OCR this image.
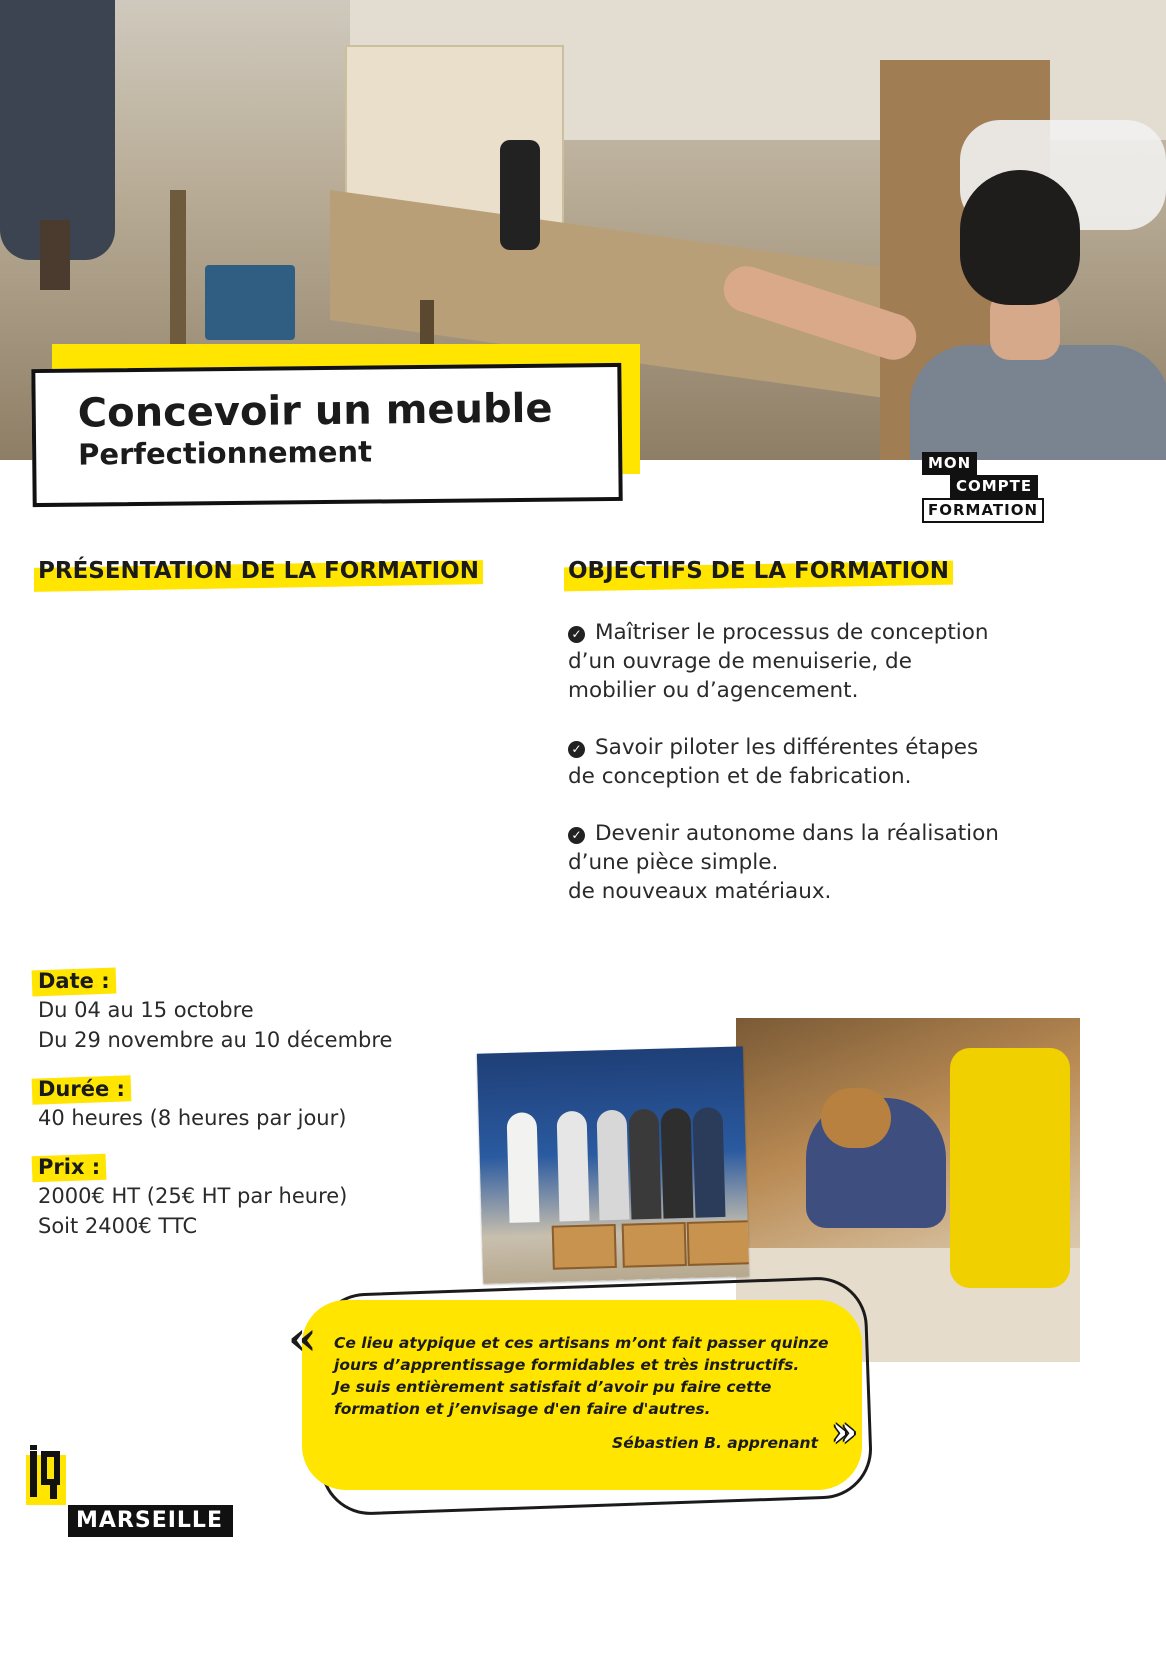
Concevoir un meuble
Perfectionnement	MON
COMPTE
FORMATION
PRÉSENTATION DE LA FORMATION	OBJECTIFS DE LA FORMATION
✓ Maîtriser le processus de conception
d’un ouvrage de menuiserie, de
mobilier ou d’agencement.
✓ Savoir piloter les différentes étapes
de conception et de fabrication.
✓ Devenir autonome dans la réalisation
d’une pièce simple.
de nouveaux matériaux.
Date :
Du 04 au 15 octobre
Du 29 novembre au 10 décembre
Durée :
40 heures (8 heures par jour)
Prix :
2000€ HT (25€ HT par heure)
Soit 2400€ TTC
Ce lieu atypique et ces artisans m’ont fait passer quinze
jours d’apprentissage formidables et très instructifs.
Je suis entièrement satisfait d’avoir pu faire cette
formation et j’envisage d'en faire d'autres.
Sébastien B. apprenant
«
»
MARSEILLE
